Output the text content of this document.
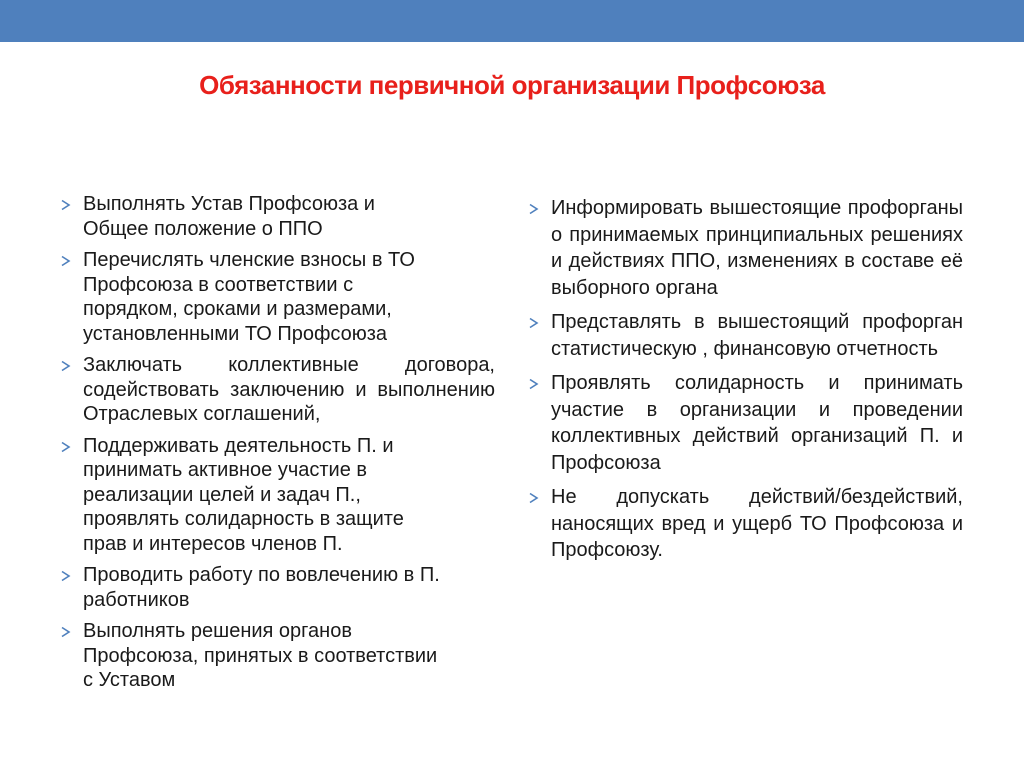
Обязанности первичной организации Профсоюза
Выполнять Устав Профсоюза и
Общее положение о ППО
Перечислять членские взносы в ТО
Профсоюза в соответствии с
порядком, сроками и размерами,
установленными ТО Профсоюза
Заключать коллективные договора, содействовать заключению и выполнению Отраслевых соглашений,
Поддерживать деятельность П. и
принимать активное участие в
реализации целей и задач П.,
проявлять солидарность в защите
прав и интересов членов П.
Проводить работу по вовлечению в П.
работников
Выполнять решения органов
Профсоюза, принятых в соответствии
с Уставом
Информировать вышестоящие профорганы о принимаемых принципиальных решениях и действиях ППО, изменениях в составе её выборного органа
Представлять в вышестоящий профорган статистическую , финансовую отчетность
Проявлять солидарность и принимать участие в организации и проведении коллективных действий организаций П. и Профсоюза
Не допускать действий/бездействий, наносящих вред и ущерб ТО Профсоюза и Профсоюзу.
